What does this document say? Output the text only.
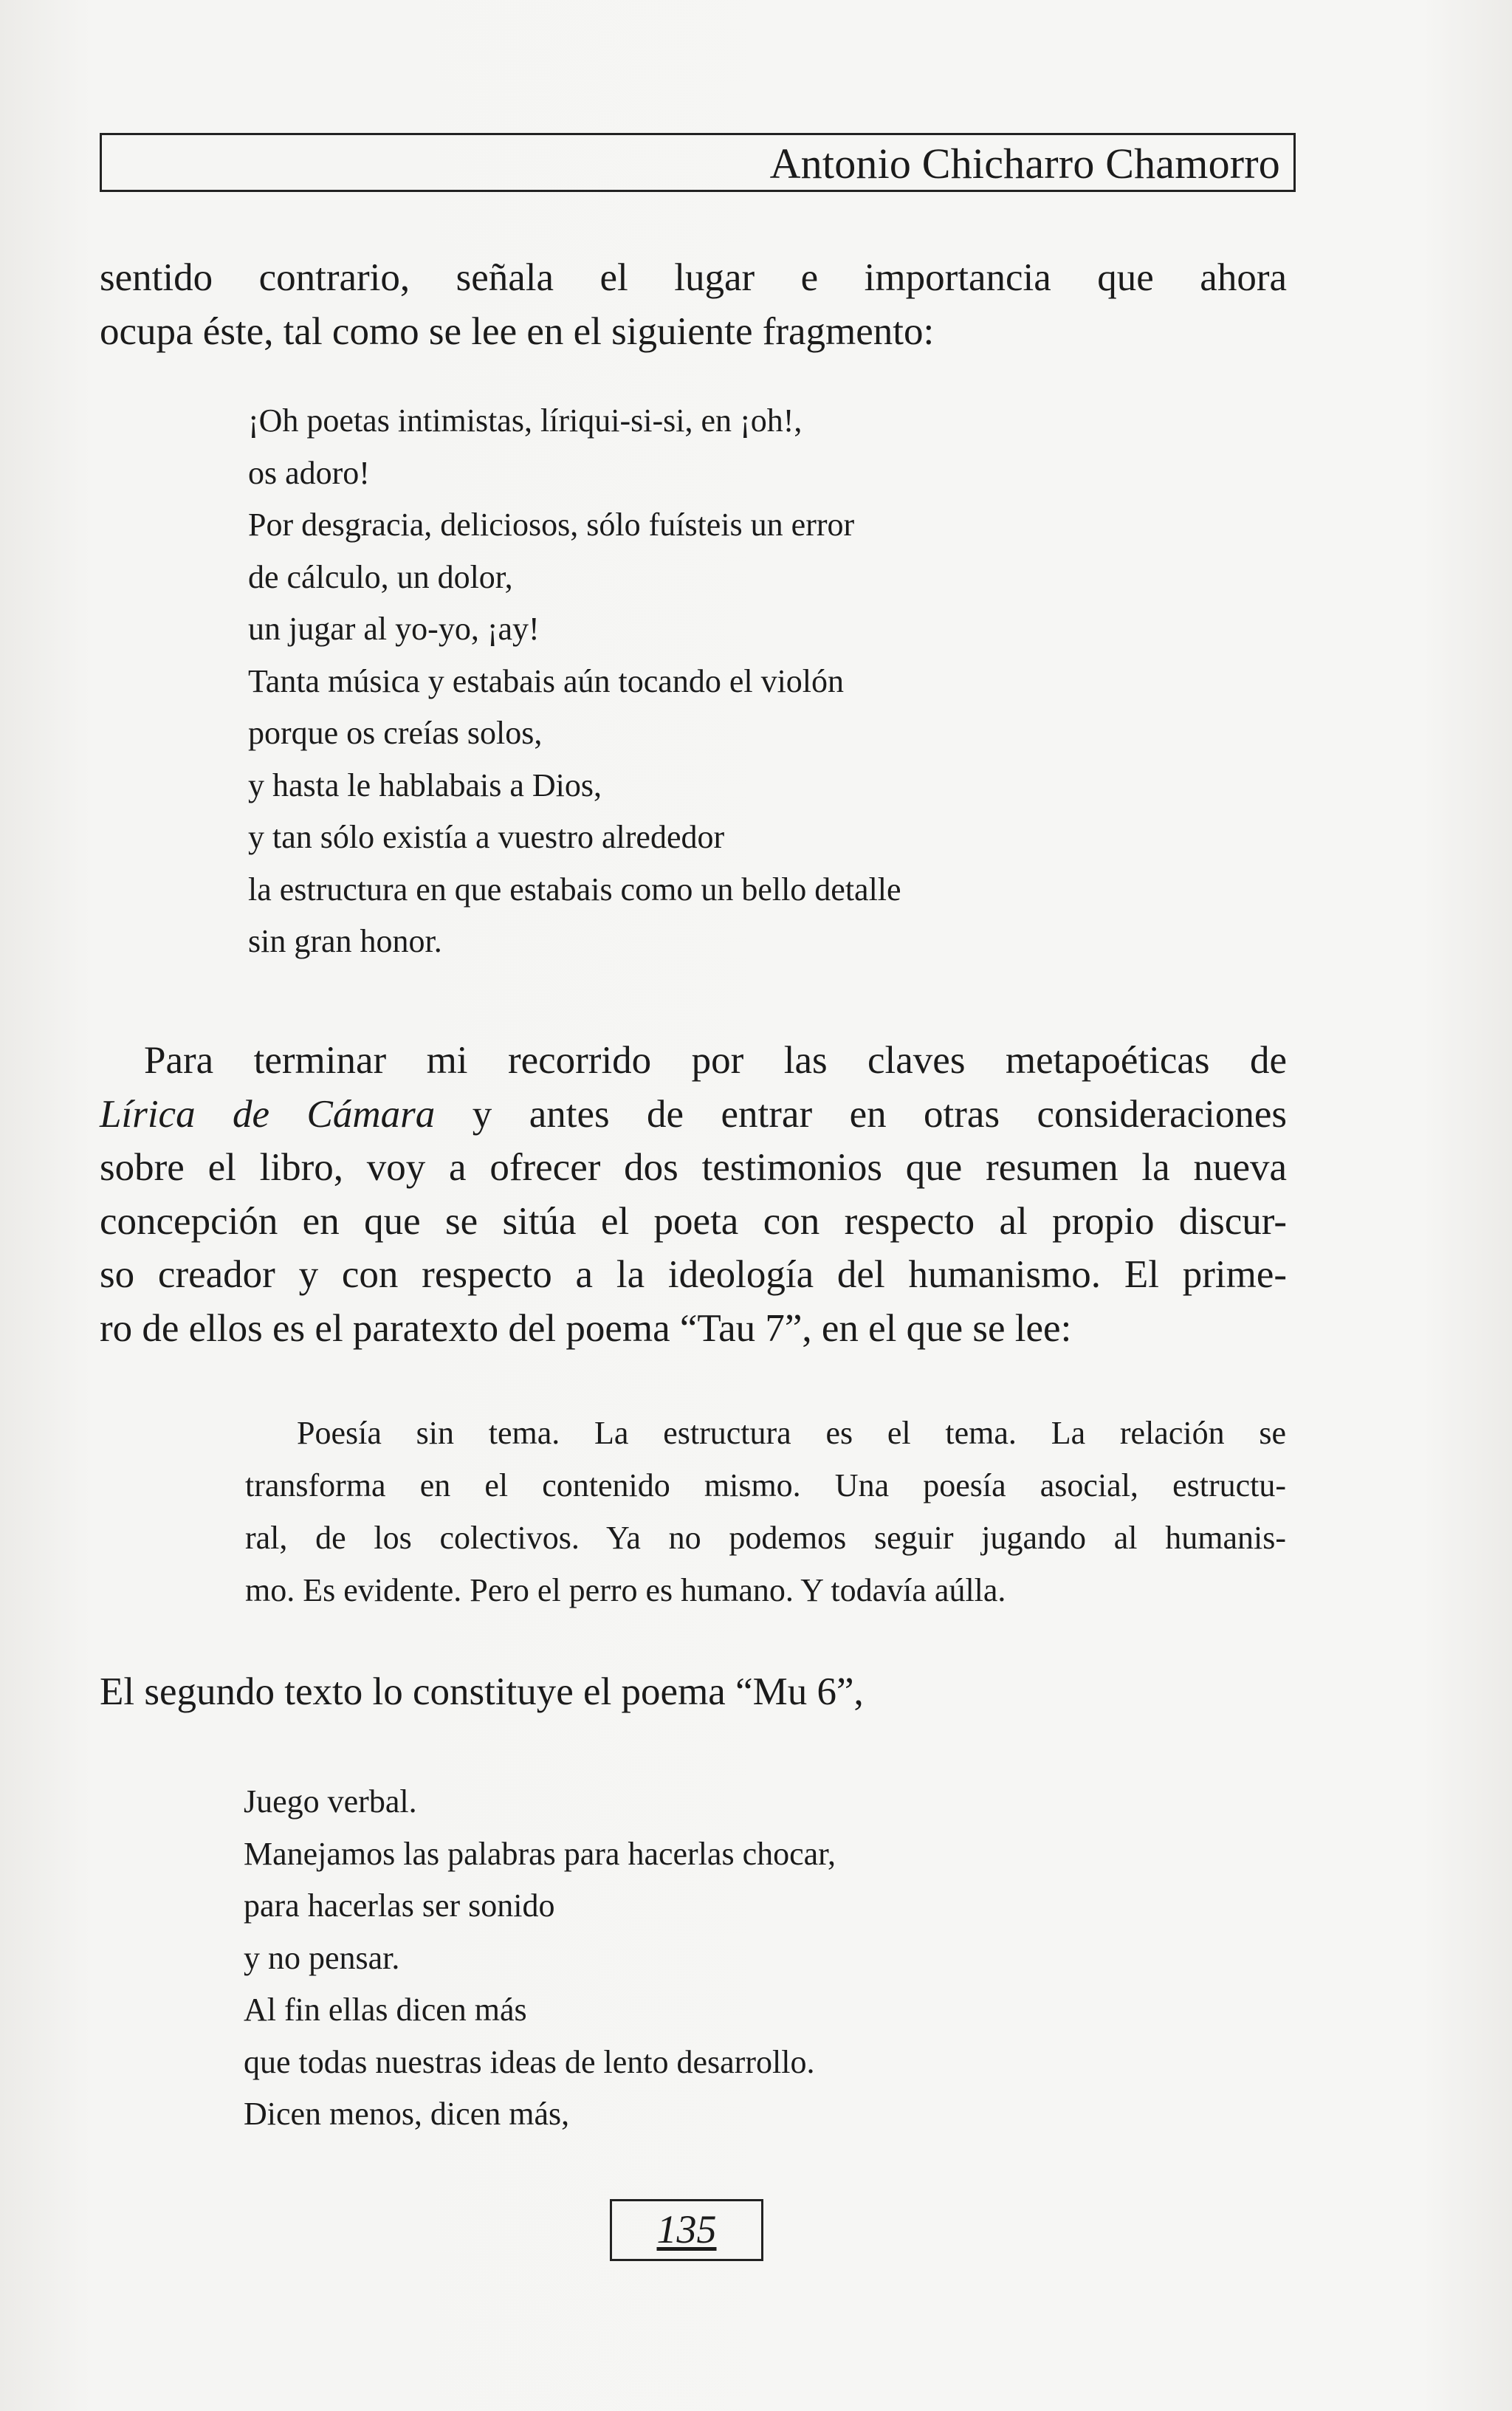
Antonio Chicharro Chamorro

sentido contrario, señala el lugar e importancia que ahora
ocupa éste, tal como se lee en el siguiente fragmento:

¡Oh poetas intimistas, líriqui-si-si, en ¡oh!,
os adoro!
Por desgracia, deliciosos, sólo fuísteis un error
de cálculo, un dolor,
un jugar al yo-yo, ¡ay!
Tanta música y estabais aún tocando el violón
porque os creías solos,
y hasta le hablabais a Dios,
y tan sólo existía a vuestro alrededor
la estructura en que estabais como un bello detalle
sin gran honor.

Para terminar mi recorrido por las claves metapoéticas de
Lírica de Cámara y antes de entrar en otras consideraciones
sobre el libro, voy a ofrecer dos testimonios que resumen la nueva
concepción en que se sitúa el poeta con respecto al propio discur-
so creador y con respecto a la ideología del humanismo. El prime-
ro de ellos es el paratexto del poema “Tau 7”, en el que se lee:

Poesía sin tema. La estructura es el tema. La relación se
transforma en el contenido mismo. Una poesía asocial, estructu-
ral, de los colectivos. Ya no podemos seguir jugando al humanis-
mo. Es evidente. Pero el perro es humano. Y todavía aúlla.

El segundo texto lo constituye el poema “Mu 6”,

Juego verbal.
Manejamos las palabras para hacerlas chocar,
para hacerlas ser sonido
y no pensar.
Al fin ellas dicen más
que todas nuestras ideas de lento desarrollo.
Dicen menos, dicen más,
135
